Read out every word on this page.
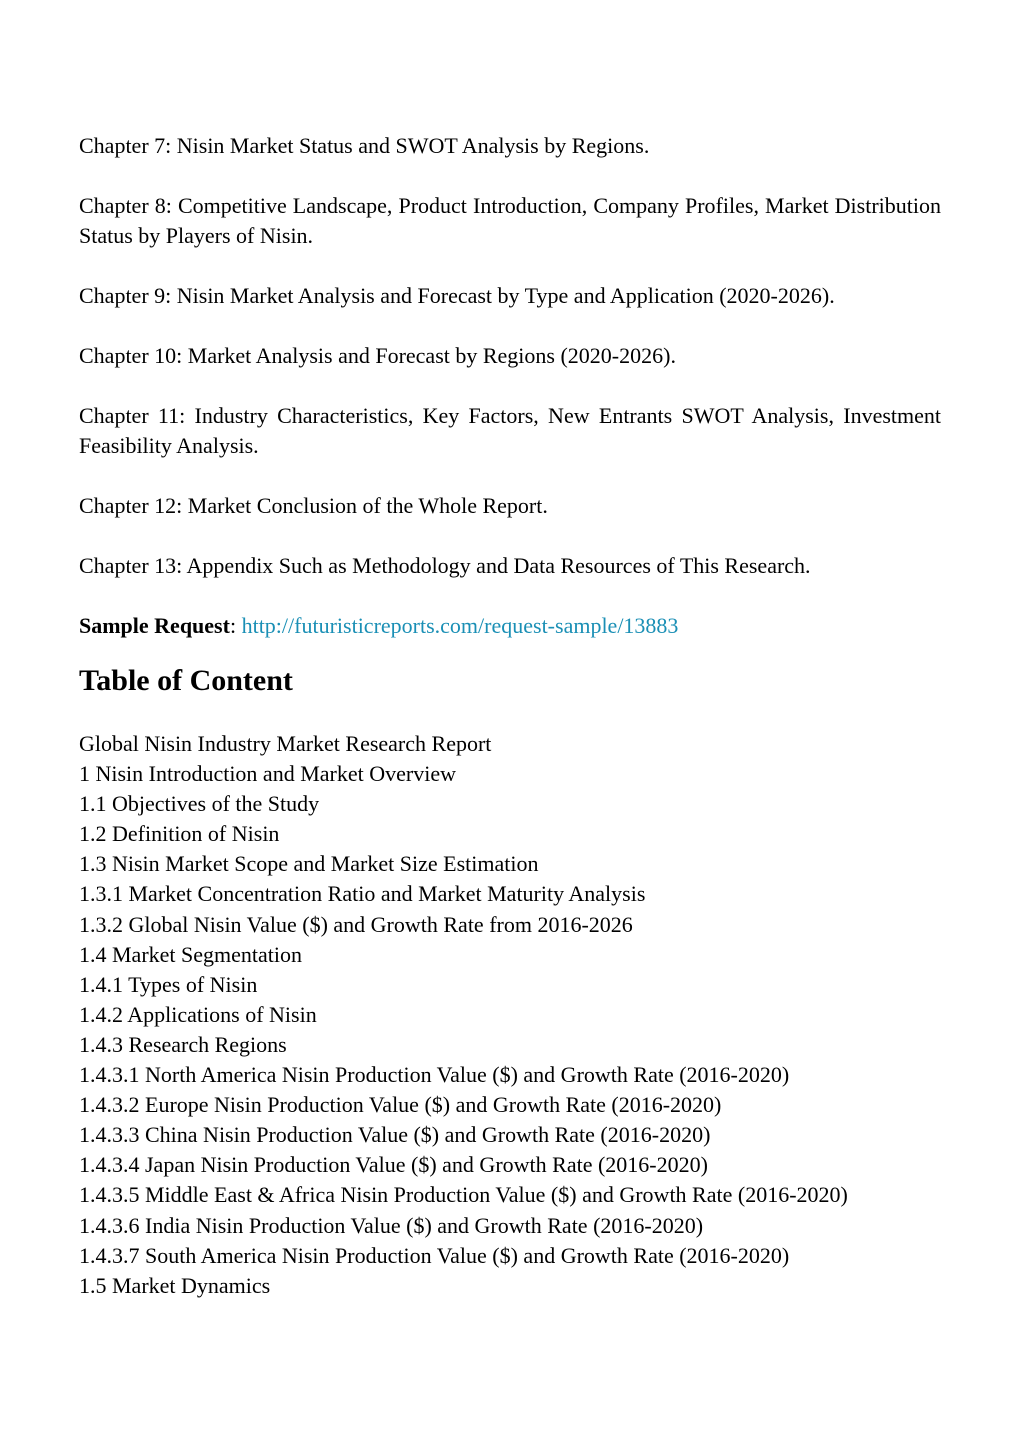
Chapter 7: Nisin Market Status and SWOT Analysis by Regions.

Chapter 8: Competitive Landscape, Product Introduction, Company Profiles, Market Distribution Status by Players of Nisin.

Chapter 9: Nisin Market Analysis and Forecast by Type and Application (2020-2026).

Chapter 10: Market Analysis and Forecast by Regions (2020-2026).

Chapter 11: Industry Characteristics, Key Factors, New Entrants SWOT Analysis, Investment Feasibility Analysis.

Chapter 12: Market Conclusion of the Whole Report.

Chapter 13: Appendix Such as Methodology and Data Resources of This Research.

Sample Request: http://futuristicreports.com/request-sample/13883

Table of Content
Global Nisin Industry Market Research Report
1 Nisin Introduction and Market Overview
1.1 Objectives of the Study
1.2 Definition of Nisin
1.3 Nisin Market Scope and Market Size Estimation
1.3.1 Market Concentration Ratio and Market Maturity Analysis
1.3.2 Global Nisin Value ($) and Growth Rate from 2016-2026
1.4 Market Segmentation
1.4.1 Types of Nisin
1.4.2 Applications of Nisin
1.4.3 Research Regions
1.4.3.1 North America Nisin Production Value ($) and Growth Rate (2016-2020)
1.4.3.2 Europe Nisin Production Value ($) and Growth Rate (2016-2020)
1.4.3.3 China Nisin Production Value ($) and Growth Rate (2016-2020)
1.4.3.4 Japan Nisin Production Value ($) and Growth Rate (2016-2020)
1.4.3.5 Middle East & Africa Nisin Production Value ($) and Growth Rate (2016-2020)
1.4.3.6 India Nisin Production Value ($) and Growth Rate (2016-2020)
1.4.3.7 South America Nisin Production Value ($) and Growth Rate (2016-2020)
1.5 Market Dynamics
